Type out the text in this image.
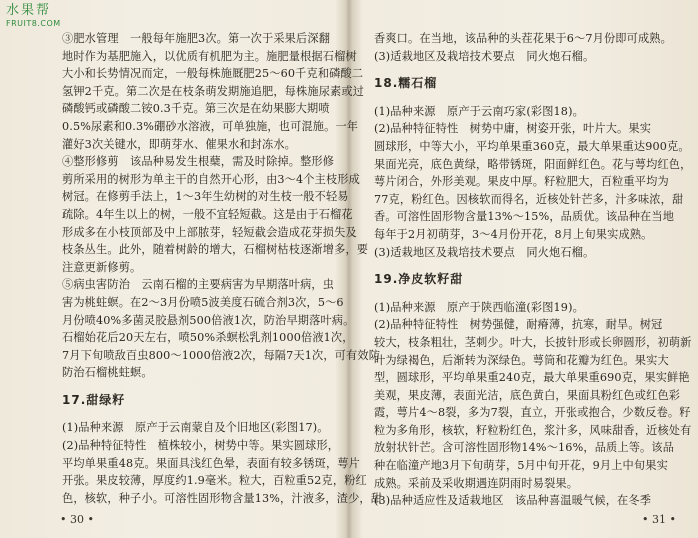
水果帮
FRUIT8.COM
③肥水管理　一般每年施肥3次。第一次于采果后深翻
地时作为基肥施入，以优质有机肥为主。施肥量根据石榴树
大小和长势情况而定，一般每株施厩肥25～60千克和磷酸二
氢钾2千克。第二次是在枝条萌发期施追肥，每株施尿素或过
磷酸钙或磷酸二铵0.3千克。第三次是在幼果膨大期喷
0.5%尿素和0.3%硼砂水溶液，可单独施，也可混施。一年
灌好3次关键水，即萌芽水、催果水和封冻水。
④整形修剪　该品种易发生根蘖，需及时除掉。整形修
剪所采用的树形为单主干的自然开心形，由3～4个主枝形成
树冠。在修剪手法上，1～3年生幼树的对生枝一般不轻易
疏除。4年生以上的树，一般不宜轻短截。这是由于石榴花
形成多在小枝顶部及中上部脓芽，轻短截会造成花芽损失及
枝条丛生。此外，随着树龄的增大，石榴树枯枝逐渐增多，要
注意更新修剪。
⑤病虫害防治　云南石榴的主要病害为早期落叶病，虫
害为桃蛀螟。在2～3月份喷5波美度石硫合剂3次，5～6
月份喷40%多菌灵胶悬剂500倍液1次，防治早期落叶病。
石榴始花后20天左右，喷50%杀螟松乳剂1000倍液1次，
7月下旬喷敌百虫800～1000倍液2次，每隔7天1次，可有效防
防治石榴桃蛀螟。
17.甜绿籽
(1)品种来源　原产于云南蒙自及个旧地区(彩图17)。
(2)品种特征特性　植株较小，树势中等。果实圆球形，
平均单果重48克。果面具浅红色晕，表面有较多锈斑，萼片
开张。果皮较薄，厚度约1.9毫米。粒大，百粒重52克，粉红
色，核软，种子小。可溶性固形物含量13%，汁液多，渣少，甜
• 30 •
香爽口。在当地，该品种的头茬花果于6～7月份即可成熟。
(3)适栽地区及栽培技术要点　同火炮石榴。
18.糯石榴
(1)品种来源　原产于云南巧家(彩图18)。
(2)品种特征特性　树势中庸，树姿开张，叶片大。果实
圆球形，中等大小，平均单果重360克，最大单果重达900克。
果面光亮，底色黄绿，略带锈斑，阳面鲜红色。花与萼均红色，
萼片闭合，外形美观。果皮中厚。籽粒肥大，百粒重平均为
77克，粉红色。因核软而得名，近核处针芒多，汁多味浓，甜
香。可溶性固形物含量13%～15%，品质优。该品种在当地
每年于2月初萌芽，3～4月份开花，8月上旬果实成熟。
(3)适栽地区及栽培技术要点　同火炮石榴。
19.净皮软籽甜
(1)品种来源　原产于陕西临潼(彩图19)。
(2)品种特征特性　树势强健，耐瘠薄，抗寒，耐旱。树冠
较大，枝条粗壮，茎刺少。叶大，长披针形或长卵圆形，初萌新
叶为绿褐色，后渐转为深绿色。萼筒和花瓣为红色。果实大
型，圆球形，平均单果重240克，最大单果重690克，果实鲜艳
美观，果皮薄，表面光洁，底色黄白，果面具粉红色或红色彩
霞，萼片4～8裂，多为7裂，直立，开张或抱合，少数反卷。籽
粒为多角形，核软，籽粒粉红色，浆汁多，风味甜香，近核处有
放射状针芒。含可溶性固形物14%～16%，品质上等。该品
种在临潼产地3月下旬萌芽，5月中旬开花，9月上中旬果实
成熟。采前及采收期遇连阴雨时易裂果。
(3)品种适应性及适栽地区　该品种喜温暖气候，在冬季
• 31 •
